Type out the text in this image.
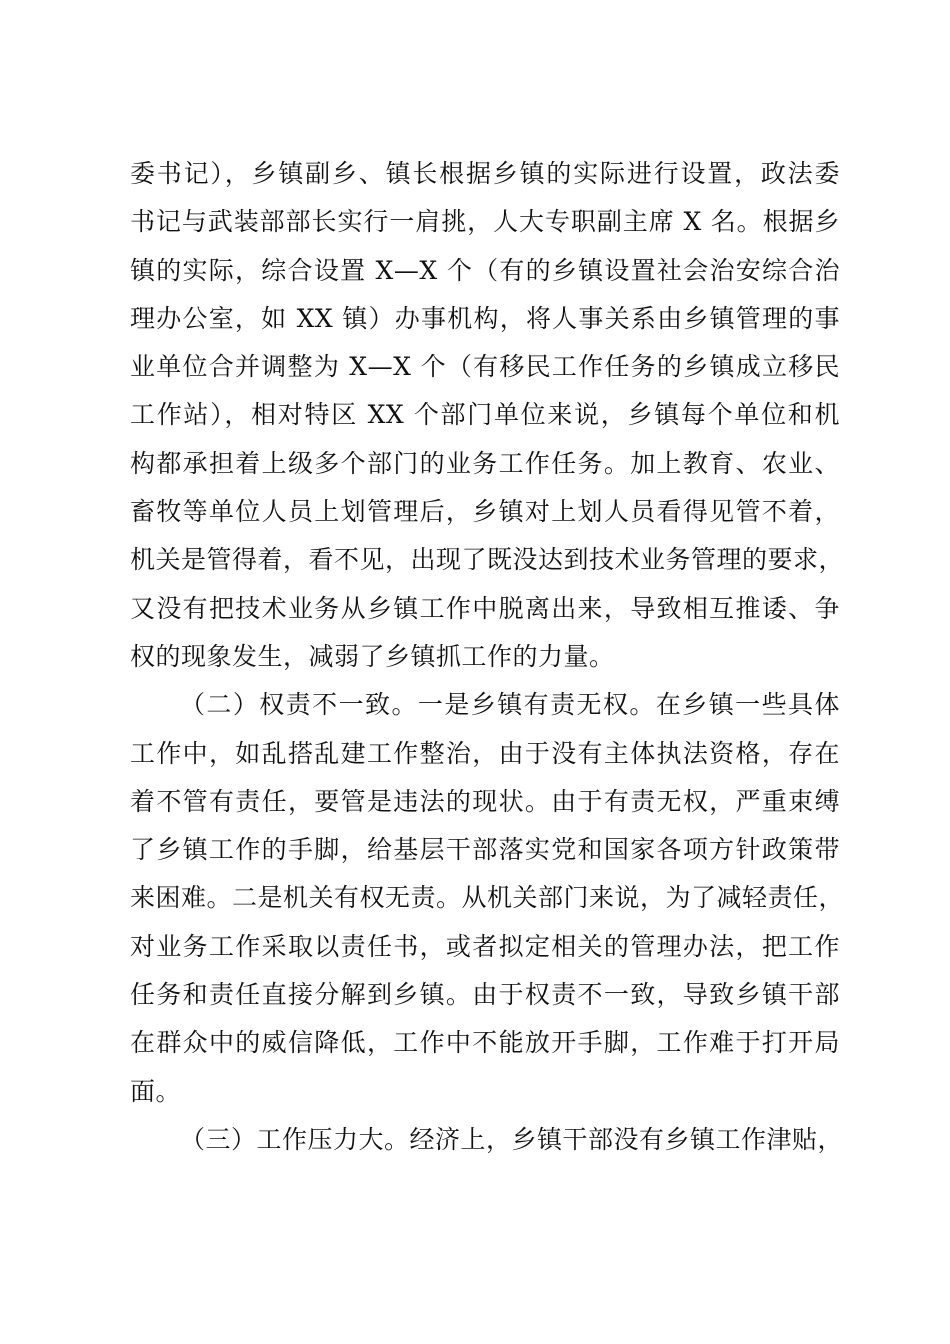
委书记），乡镇副乡、镇长根据乡镇的实际进行设置，政法委
书记与武装部部长实行一肩挑，人大专职副主席 X 名。根据乡
镇的实际，综合设置 X—X 个（有的乡镇设置社会治安综合治
理办公室，如 XX 镇）办事机构，将人事关系由乡镇管理的事
业单位合并调整为 X—X 个（有移民工作任务的乡镇成立移民
工作站），相对特区 XX 个部门单位来说，乡镇每个单位和机
构都承担着上级多个部门的业务工作任务。加上教育、农业、
畜牧等单位人员上划管理后，乡镇对上划人员看得见管不着，
机关是管得着，看不见，出现了既没达到技术业务管理的要求，
又没有把技术业务从乡镇工作中脱离出来，导致相互推诿、争
权的现象发生，减弱了乡镇抓工作的力量。
（二）权责不一致。一是乡镇有责无权。在乡镇一些具体
工作中，如乱搭乱建工作整治，由于没有主体执法资格，存在
着不管有责任，要管是违法的现状。由于有责无权，严重束缚
了乡镇工作的手脚，给基层干部落实党和国家各项方针政策带
来困难。二是机关有权无责。从机关部门来说，为了减轻责任，
对业务工作采取以责任书，或者拟定相关的管理办法，把工作
任务和责任直接分解到乡镇。由于权责不一致，导致乡镇干部
在群众中的威信降低，工作中不能放开手脚，工作难于打开局
面。
（三）工作压力大。经济上，乡镇干部没有乡镇工作津贴，
